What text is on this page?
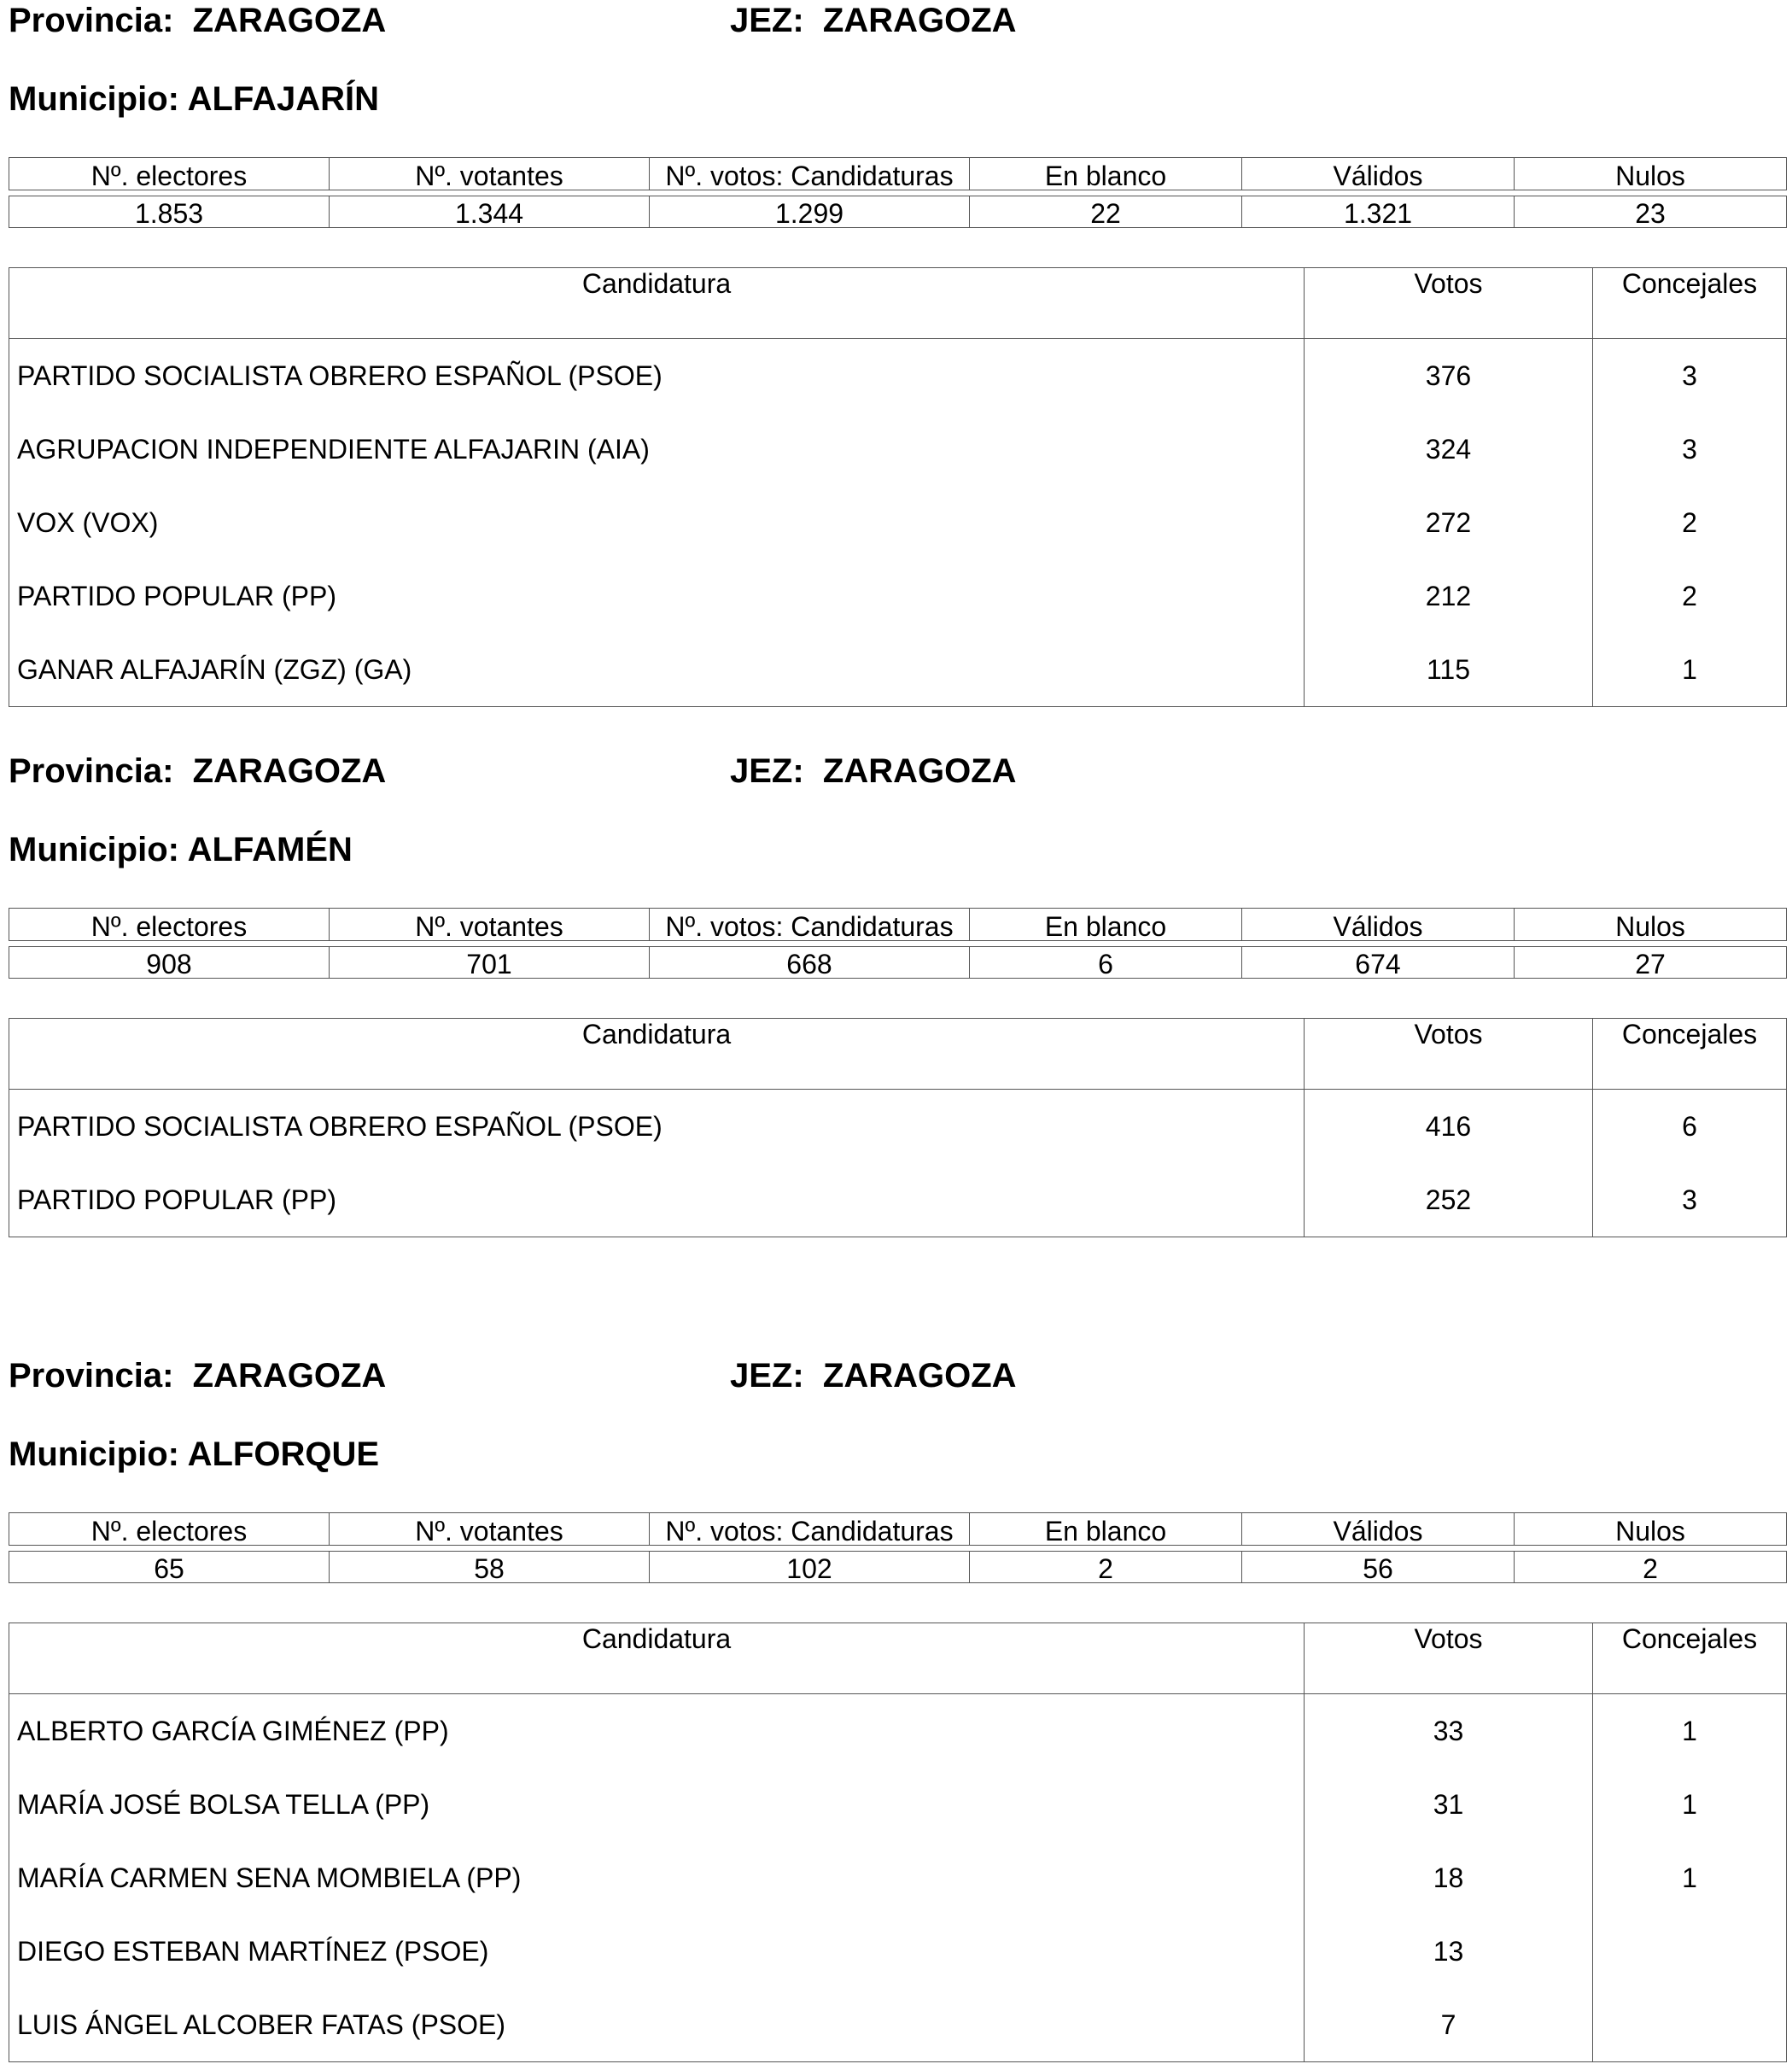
Provincia:  ZARAGOZA	JEZ:  ZARAGOZA
Municipio: ALFAJARÍN
Nº. electores	Nº. votantes	Nº. votos: Candidaturas	En blanco	Válidos	Nulos

1.853	1.344	1.299	22	1.321	23
Candidatura	Votos	Concejales
PARTIDO SOCIALISTA OBRERO ESPAÑOL (PSOE)	376	3
AGRUPACION INDEPENDIENTE ALFAJARIN (AIA)	324	3
VOX (VOX)	272	2
PARTIDO POPULAR (PP)	212	2
GANAR ALFAJARÍN (ZGZ) (GA)	115	1
Provincia:  ZARAGOZA	JEZ:  ZARAGOZA
Municipio: ALFAMÉN
Nº. electores	Nº. votantes	Nº. votos: Candidaturas	En blanco	Válidos	Nulos

908	701	668	6	674	27
Candidatura	Votos	Concejales
PARTIDO SOCIALISTA OBRERO ESPAÑOL (PSOE)	416	6
PARTIDO POPULAR (PP)	252	3
Provincia:  ZARAGOZA	JEZ:  ZARAGOZA
Municipio: ALFORQUE
Nº. electores	Nº. votantes	Nº. votos: Candidaturas	En blanco	Válidos	Nulos

65	58	102	2	56	2
Candidatura	Votos	Concejales
ALBERTO GARCÍA GIMÉNEZ (PP)	33	1
MARÍA JOSÉ BOLSA TELLA (PP)	31	1
MARÍA CARMEN SENA MOMBIELA (PP)	18	1
DIEGO ESTEBAN MARTÍNEZ (PSOE)	13	
LUIS ÁNGEL ALCOBER FATAS (PSOE)	7	
